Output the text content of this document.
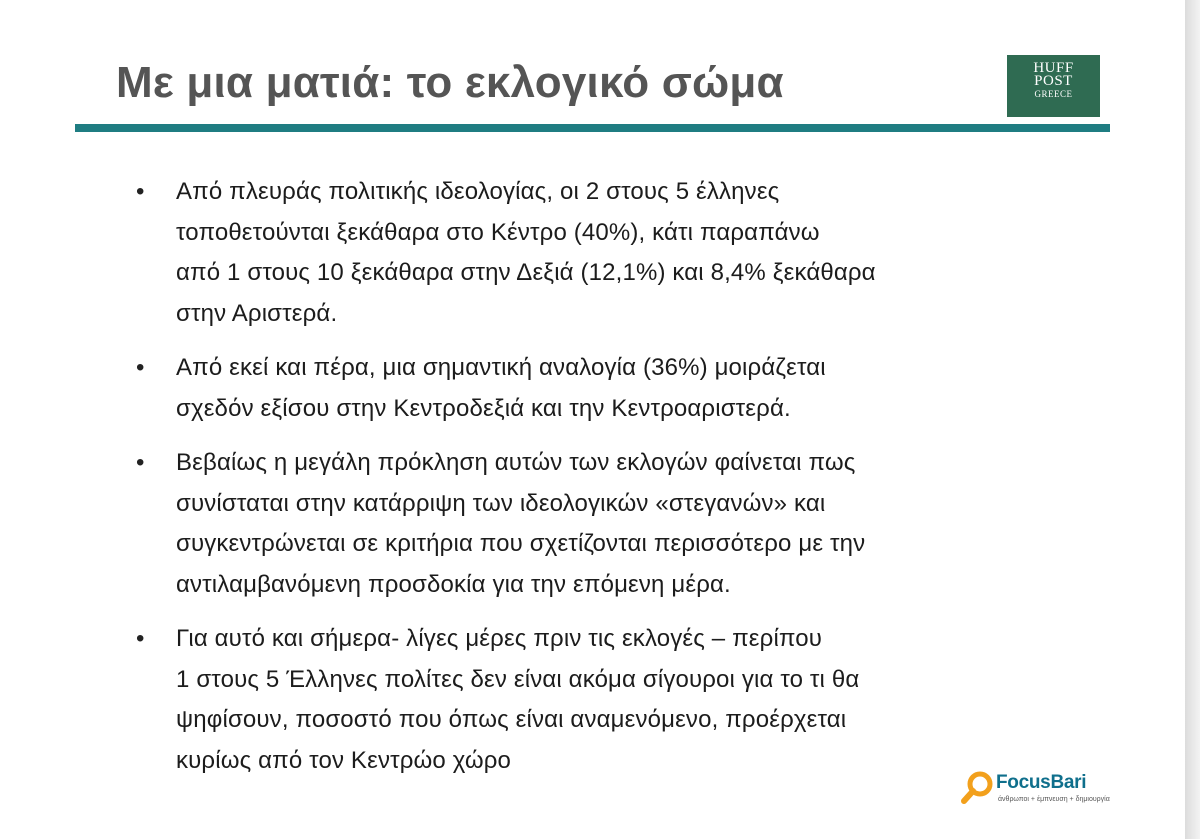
Με μια ματιά: το εκλογικό σώμα	HUFF
POST
GREECE
• Από πλευράς πολιτικής ιδεολογίας, οι 2 στους 5 έλληνες
τοποθετούνται ξεκάθαρα στο Κέντρο (40%), κάτι παραπάνω
από 1 στους 10 ξεκάθαρα στην Δεξιά (12,1%) και 8,4% ξεκάθαρα
στην Αριστερά.
• Από εκεί και πέρα, μια σημαντική αναλογία (36%) μοιράζεται
σχεδόν εξίσου στην Κεντροδεξιά και την Κεντροαριστερά.
• Βεβαίως η μεγάλη πρόκληση αυτών των εκλογών φαίνεται πως
συνίσταται στην κατάρριψη των ιδεολογικών «στεγανών» και
συγκεντρώνεται σε κριτήρια που σχετίζονται περισσότερο με την
αντιλαμβανόμενη προσδοκία για την επόμενη μέρα.
• Για αυτό και σήμερα- λίγες μέρες πριν τις εκλογές – περίπου
1 στους 5 Έλληνες πολίτες δεν είναι ακόμα σίγουροι για το τι θα
ψηφίσουν, ποσοστό που όπως είναι αναμενόμενο, προέρχεται
κυρίως από τον Κεντρώο χώρο
FocusBari
άνθρωποι + έμπνευση + δημιουργία
